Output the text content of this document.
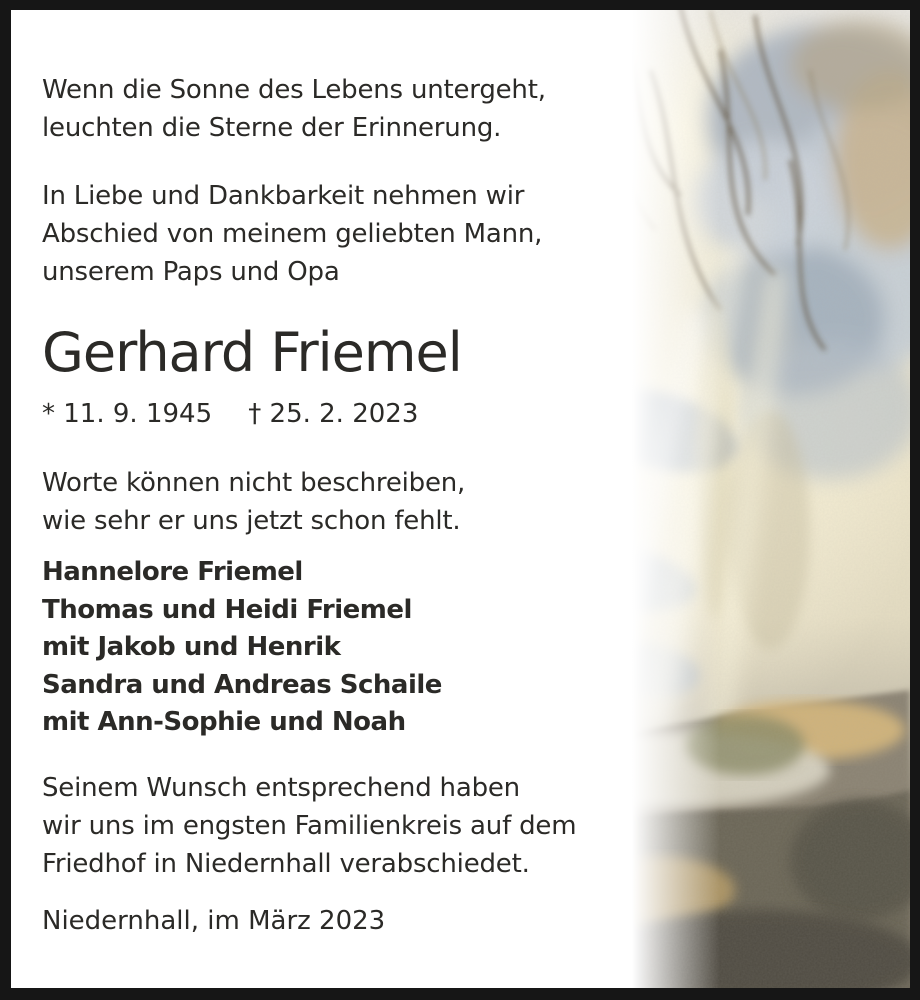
Wenn die Sonne des Lebens untergeht,
leuchten die Sterne der Erinnerung.
In Liebe und Dankbarkeit nehmen wir
Abschied von meinem geliebten Mann,
unserem Paps und Opa
Gerhard Friemel
* 11. 9. 1945 † 25. 2. 2023
Worte können nicht beschreiben,
wie sehr er uns jetzt schon fehlt.
Hannelore Friemel
Thomas und Heidi Friemel
mit Jakob und Henrik
Sandra und Andreas Schaile
mit Ann-Sophie und Noah
Seinem Wunsch entsprechend haben
wir uns im engsten Familienkreis auf dem
Friedhof in Niedernhall verabschiedet.
Niedernhall, im März 2023
